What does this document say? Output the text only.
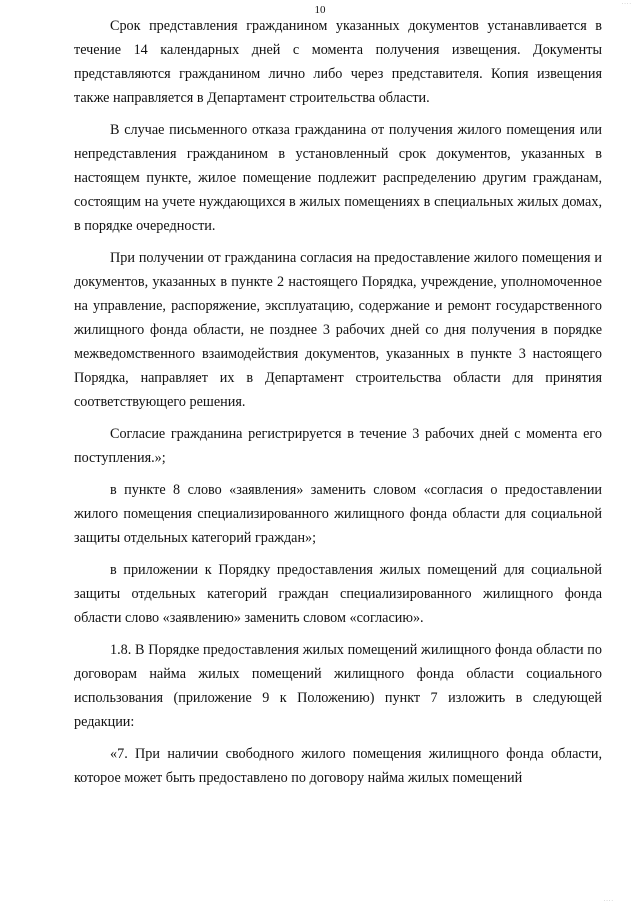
....
10

Срок представления гражданином указанных документов устанавливается в течение 14 календарных дней с момента получения извещения. Документы представляются гражданином лично либо через представителя. Копия извещения также направляется в Департамент строительства области.

В случае письменного отказа гражданина от получения жилого помещения или непредставления гражданином в установленный срок документов, указанных в настоящем пункте, жилое помещение подлежит распределению другим гражданам, состоящим на учете нуждающихся в жилых помещениях в специальных жилых домах, в порядке очередности.

При получении от гражданина согласия на предоставление жилого помещения и документов, указанных в пункте 2 настоящего Порядка, учреждение, уполномоченное на управление, распоряжение, эксплуатацию, содержание и ремонт государственного жилищного фонда области, не позднее 3 рабочих дней со дня получения в порядке межведомственного взаимодействия документов, указанных в пункте 3 настоящего Порядка, направляет их в Департамент строительства области для принятия соответствующего решения.

Согласие гражданина регистрируется в течение 3 рабочих дней с момента его поступления.»;

в пункте 8 слово «заявления» заменить словом «согласия о предоставлении жилого помещения специализированного жилищного фонда области для социальной защиты отдельных категорий граждан»;

в приложении к Порядку предоставления жилых помещений для социальной защиты отдельных категорий граждан специализированного жилищного фонда области слово «заявлению» заменить словом «согласию».

1.8. В Порядке предоставления жилых помещений жилищного фонда области по договорам найма жилых помещений жилищного фонда области социального использования (приложение 9 к Положению) пункт 7 изложить в следующей редакции:

«7. При наличии свободного жилого помещения жилищного фонда области, которое может быть предоставлено по договору найма жилых помещений

....
